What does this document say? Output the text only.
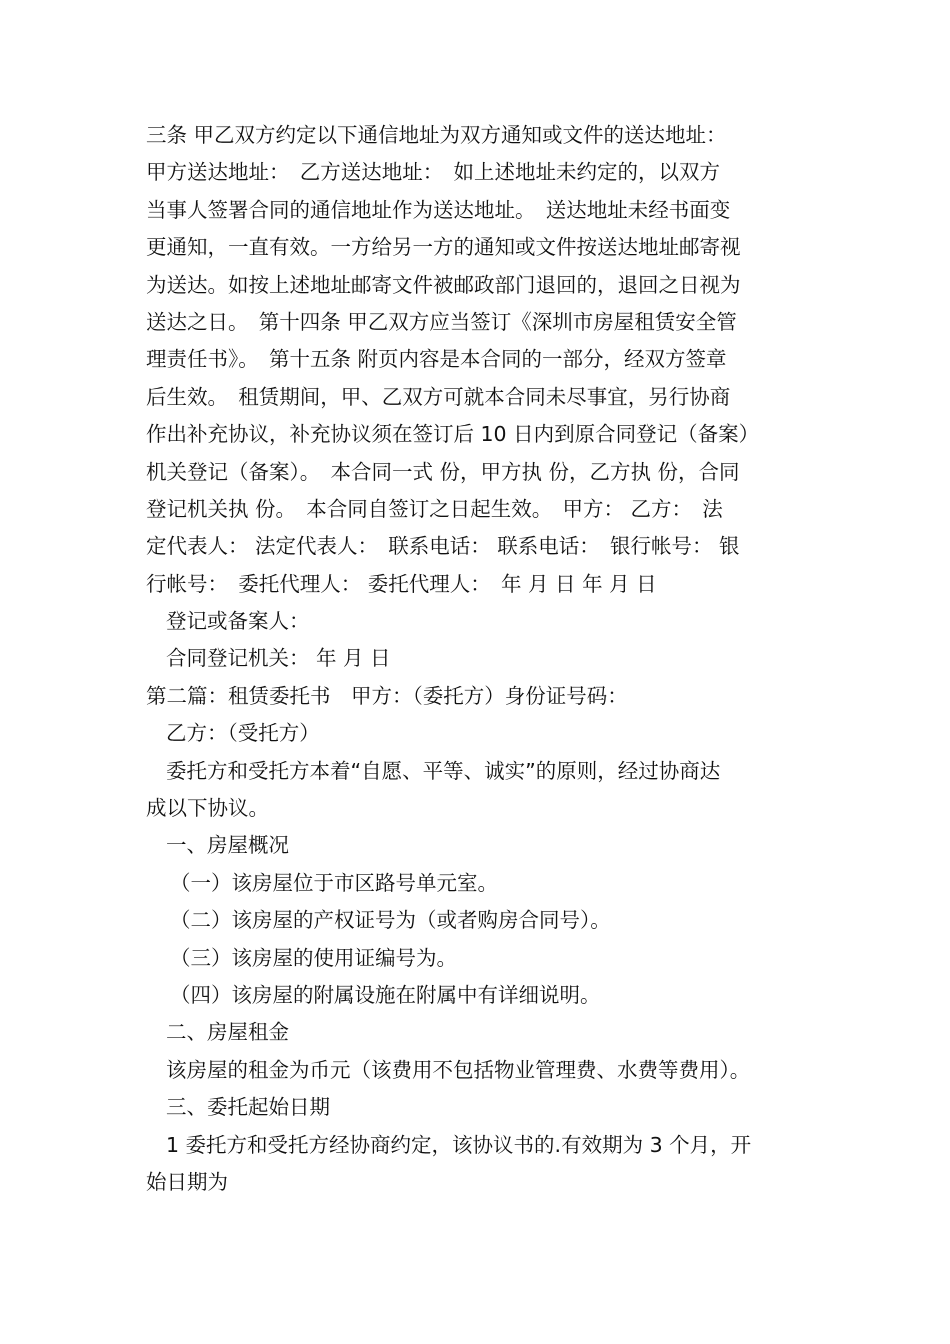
三条 甲乙双方约定以下通信地址为双方通知或文件的送达地址：
甲方送达地址：　乙方送达地址：　如上述地址未约定的，以双方
当事人签署合同的通信地址作为送达地址。　送达地址未经书面变
更通知，一直有效。一方给另一方的通知或文件按送达地址邮寄视
为送达。如按上述地址邮寄文件被邮政部门退回的，退回之日视为
送达之日。　第十四条 甲乙双方应当签订《深圳市房屋租赁安全管
理责任书》。　第十五条 附页内容是本合同的一部分，经双方签章
后生效。　租赁期间，甲、乙双方可就本合同未尽事宜，另行协商
作出补充协议，补充协议须在签订后 10 日内到原合同登记（备案）
机关登记（备案）。　本合同一式 份，甲方执 份，乙方执 份，合同
登记机关执 份。　本合同自签订之日起生效。　甲方： 乙方：　法
定代表人： 法定代表人：　联系电话： 联系电话：　银行帐号： 银
行帐号：　委托代理人： 委托代理人：　年 月 日 年 月 日
登记或备案人：
合同登记机关： 年 月 日
第二篇：租赁委托书　甲方：（委托方）身份证号码：
乙方：（受托方）
委托方和受托方本着“自愿、平等、诚实”的原则，经过协商达
成以下协议。
一、房屋概况
（一）该房屋位于市区路号单元室。
（二）该房屋的产权证号为（或者购房合同号）。
（三）该房屋的使用证编号为。
（四）该房屋的附属设施在附属中有详细说明。
二、房屋租金
该房屋的租金为币元（该费用不包括物业管理费、水费等费用）。
三、委托起始日期
1 委托方和受托方经协商约定，该协议书的.有效期为 3 个月，开
始日期为
